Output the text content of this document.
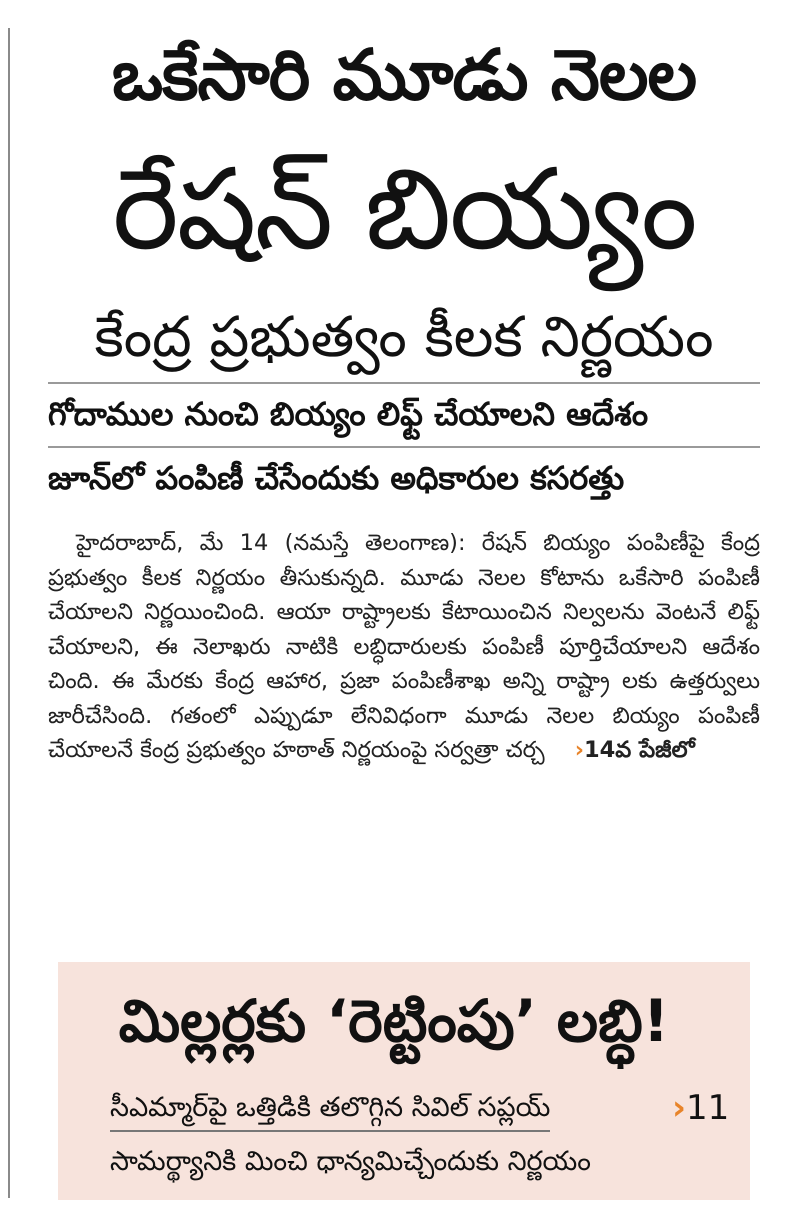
ఒకేసారి మూడు నెలల
రేషన్ బియ్యం
కేంద్ర ప్రభుత్వం కీలక నిర్ణయం

గోదాముల నుంచి బియ్యం లిఫ్ట్ చేయాలని ఆదేశం

జూన్‌లో పంపిణీ చేసేందుకు అధికారుల కసరత్తు

హైదరాబాద్, మే 14 (నమస్తే తెలంగాణ): రేషన్ బియ్యం పంపిణీపై కేంద్ర ప్రభుత్వం కీలక నిర్ణయం తీసుకున్నది. మూడు నెలల కోటాను ఒకేసారి పంపిణీ చేయాలని నిర్ణయించింది. ఆయా రాష్ట్రాలకు కేటాయించిన నిల్వలను వెంటనే లిఫ్ట్ చేయాలని, ఈ నెలాఖరు నాటికి లబ్ధిదారులకు పంపిణీ పూర్తిచేయాలని ఆదేశం చింది. ఈ మేరకు కేంద్ర ఆహార, ప్రజా పంపిణీశాఖ అన్ని రాష్ట్రా లకు ఉత్తర్వులు జారీచేసింది. గతంలో ఎప్పుడూ లేనివిధంగా మూడు నెలల బియ్యం పంపిణీ చేయాలనే కేంద్ర ప్రభుత్వం హఠాత్ నిర్ణయంపై సర్వత్రా చర్చ ›14వ పేజీలో

మిల్లర్లకు ‘రెట్టింపు’ లబ్ధి!
సీఎమ్మార్‌పై ఒత్తిడికి తలొగ్గిన సివిల్ సప్లయ్	›11
సామర్థ్యానికి మించి ధాన్యమిచ్చేందుకు నిర్ణయం
